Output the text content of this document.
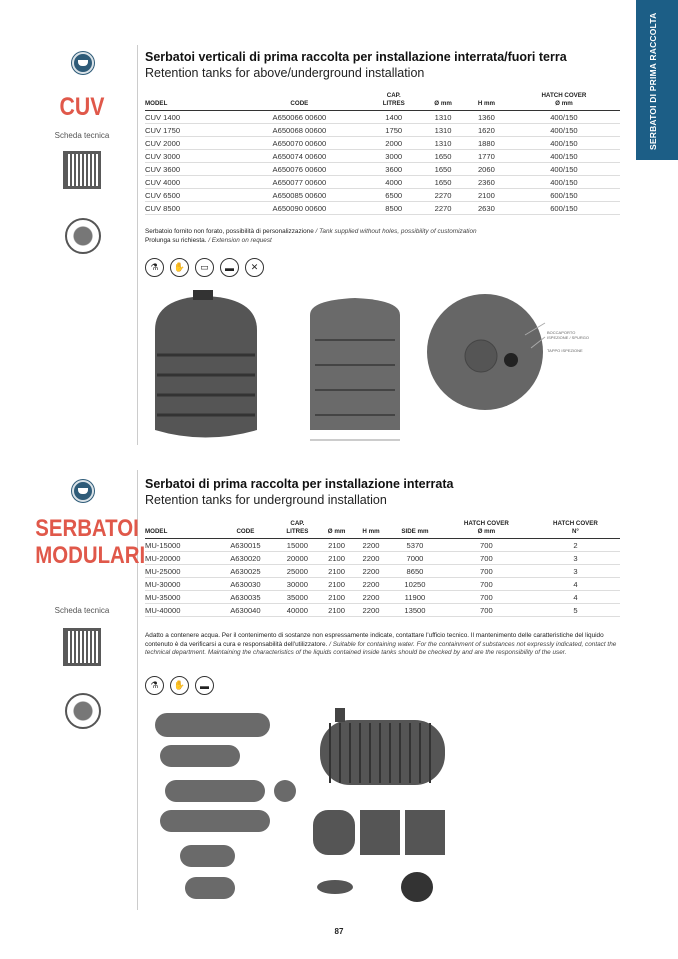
SERBATOI DI PRIMA RACCOLTA
CUV
Scheda tecnica
Serbatoi verticali di prima raccolta per installazione interrata/fuori terra
Retention tanks for above/underground installation
MODEL	CODE	CAP.
LITRES	Ø mm	H mm	HATCH COVER
Ø mm
CUV 1400	A650066 00600	1400	1310	1360	400/150
CUV 1750	A650068 00600	1750	1310	1620	400/150
CUV 2000	A650070 00600	2000	1310	1880	400/150
CUV 3000	A650074 00600	3000	1650	1770	400/150
CUV 3600	A650076 00600	3600	1650	2060	400/150
CUV 4000	A650077 00600	4000	1650	2360	400/150
CUV 6500	A650085 00600	6500	2270	2100	600/150
CUV 8500	A650090 00600	8500	2270	2630	600/150
Serbatoio fornito non forato, possibilità di personalizzazione / Tank supplied without holes, possibility of customization
Prolunga su richiesta. / Extension on request
⚗	✋	▭	▬	✕
BOCCAPORTO ISPEZIONE / SPURGO
TAPPO ISPEZIONE
SERBATOI
MODULARI
Scheda tecnica
Serbatoi di prima raccolta per installazione interrata
Retention tanks for underground installation
MODEL	CODE	CAP.
LITRES	Ø mm	H mm	SIDE mm	HATCH COVER
Ø mm	HATCH COVER
N°
MU-15000	A630015	15000	2100	2200	5370	700	2
MU-20000	A630020	20000	2100	2200	7000	700	3
MU-25000	A630025	25000	2100	2200	8650	700	3
MU-30000	A630030	30000	2100	2200	10250	700	4
MU-35000	A630035	35000	2100	2200	11900	700	4
MU-40000	A630040	40000	2100	2200	13500	700	5
Adatto a contenere acqua. Per il contenimento di sostanze non espressamente indicate, contattare l'ufficio tecnico. Il mantenimento delle caratteristiche del liquido contenuto è da verificarsi a cura e responsabilità dell'utilizzatore. / Suitable for containing water. For the containment of substances not expressly indicated, contact the technical department. Maintaining the characteristics of the liquids contained inside tanks should be checked by and are the responsibility of the user.
⚗	✋	▬
87
